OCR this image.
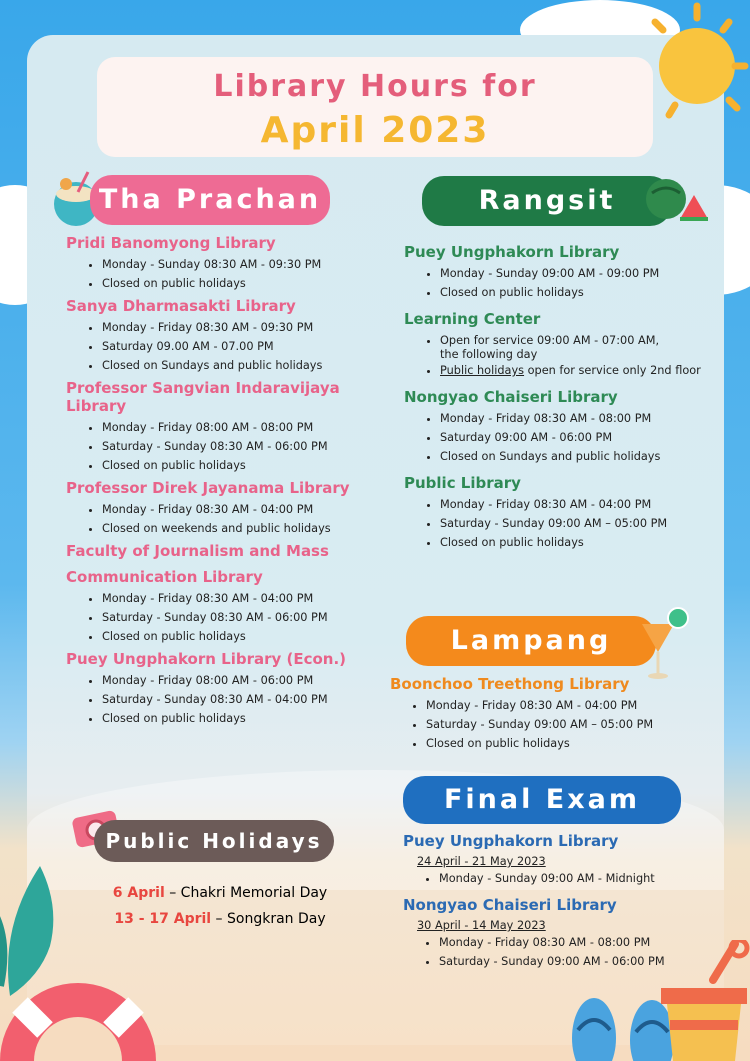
Library Hours for
April 2023
Tha Prachan
Pridi Banomyong Library
• Monday - Sunday 08:30 AM - 09:30 PM
• Closed on public holidays
Sanya Dharmasakti Library
• Monday - Friday 08:30 AM - 09:30 PM
• Saturday 09.00 AM - 07.00 PM
• Closed on Sundays and public holidays
Professor Sangvian Indaravijaya Library
• Monday - Friday 08:00 AM - 08:00 PM
• Saturday - Sunday 08:30 AM - 06:00 PM
• Closed on public holidays
Professor Direk Jayanama Library
• Monday - Friday 08:30 AM - 04:00 PM
• Closed on weekends and public holidays
Faculty of Journalism and Mass
Communication Library
• Monday - Friday 08:30 AM - 04:00 PM
• Saturday - Sunday 08:30 AM - 06:00 PM
• Closed on public holidays
Puey Ungphakorn Library (Econ.)
• Monday - Friday 08:00 AM - 06:00 PM
• Saturday - Sunday 08:30 AM - 04:00 PM
• Closed on public holidays
Rangsit
Puey Ungphakorn Library
• Monday - Sunday 09:00 AM - 09:00 PM
• Closed on public holidays
Learning Center
• Open for service 09:00 AM - 07:00 AM,
the following day
• Public holidays open for service only 2nd floor
Nongyao Chaiseri Library
• Monday - Friday 08:30 AM - 08:00 PM
• Saturday 09:00 AM - 06:00 PM
• Closed on Sundays and public holidays
Public Library
• Monday - Friday 08:30 AM - 04:00 PM
• Saturday - Sunday 09:00 AM – 05:00 PM
• Closed on public holidays
Lampang
Boonchoo Treethong Library
• Monday - Friday 08:30 AM - 04:00 PM
• Saturday - Sunday 09:00 AM – 05:00 PM
• Closed on public holidays
Final Exam
Puey Ungphakorn Library
24 April - 21 May 2023
• Monday - Sunday 09:00 AM - Midnight
Nongyao Chaiseri Library
30 April - 14 May 2023
• Monday - Friday 08:30 AM - 08:00 PM
• Saturday - Sunday 09:00 AM - 06:00 PM
Public Holidays
6 April – Chakri Memorial Day
13 - 17 April – Songkran Day
